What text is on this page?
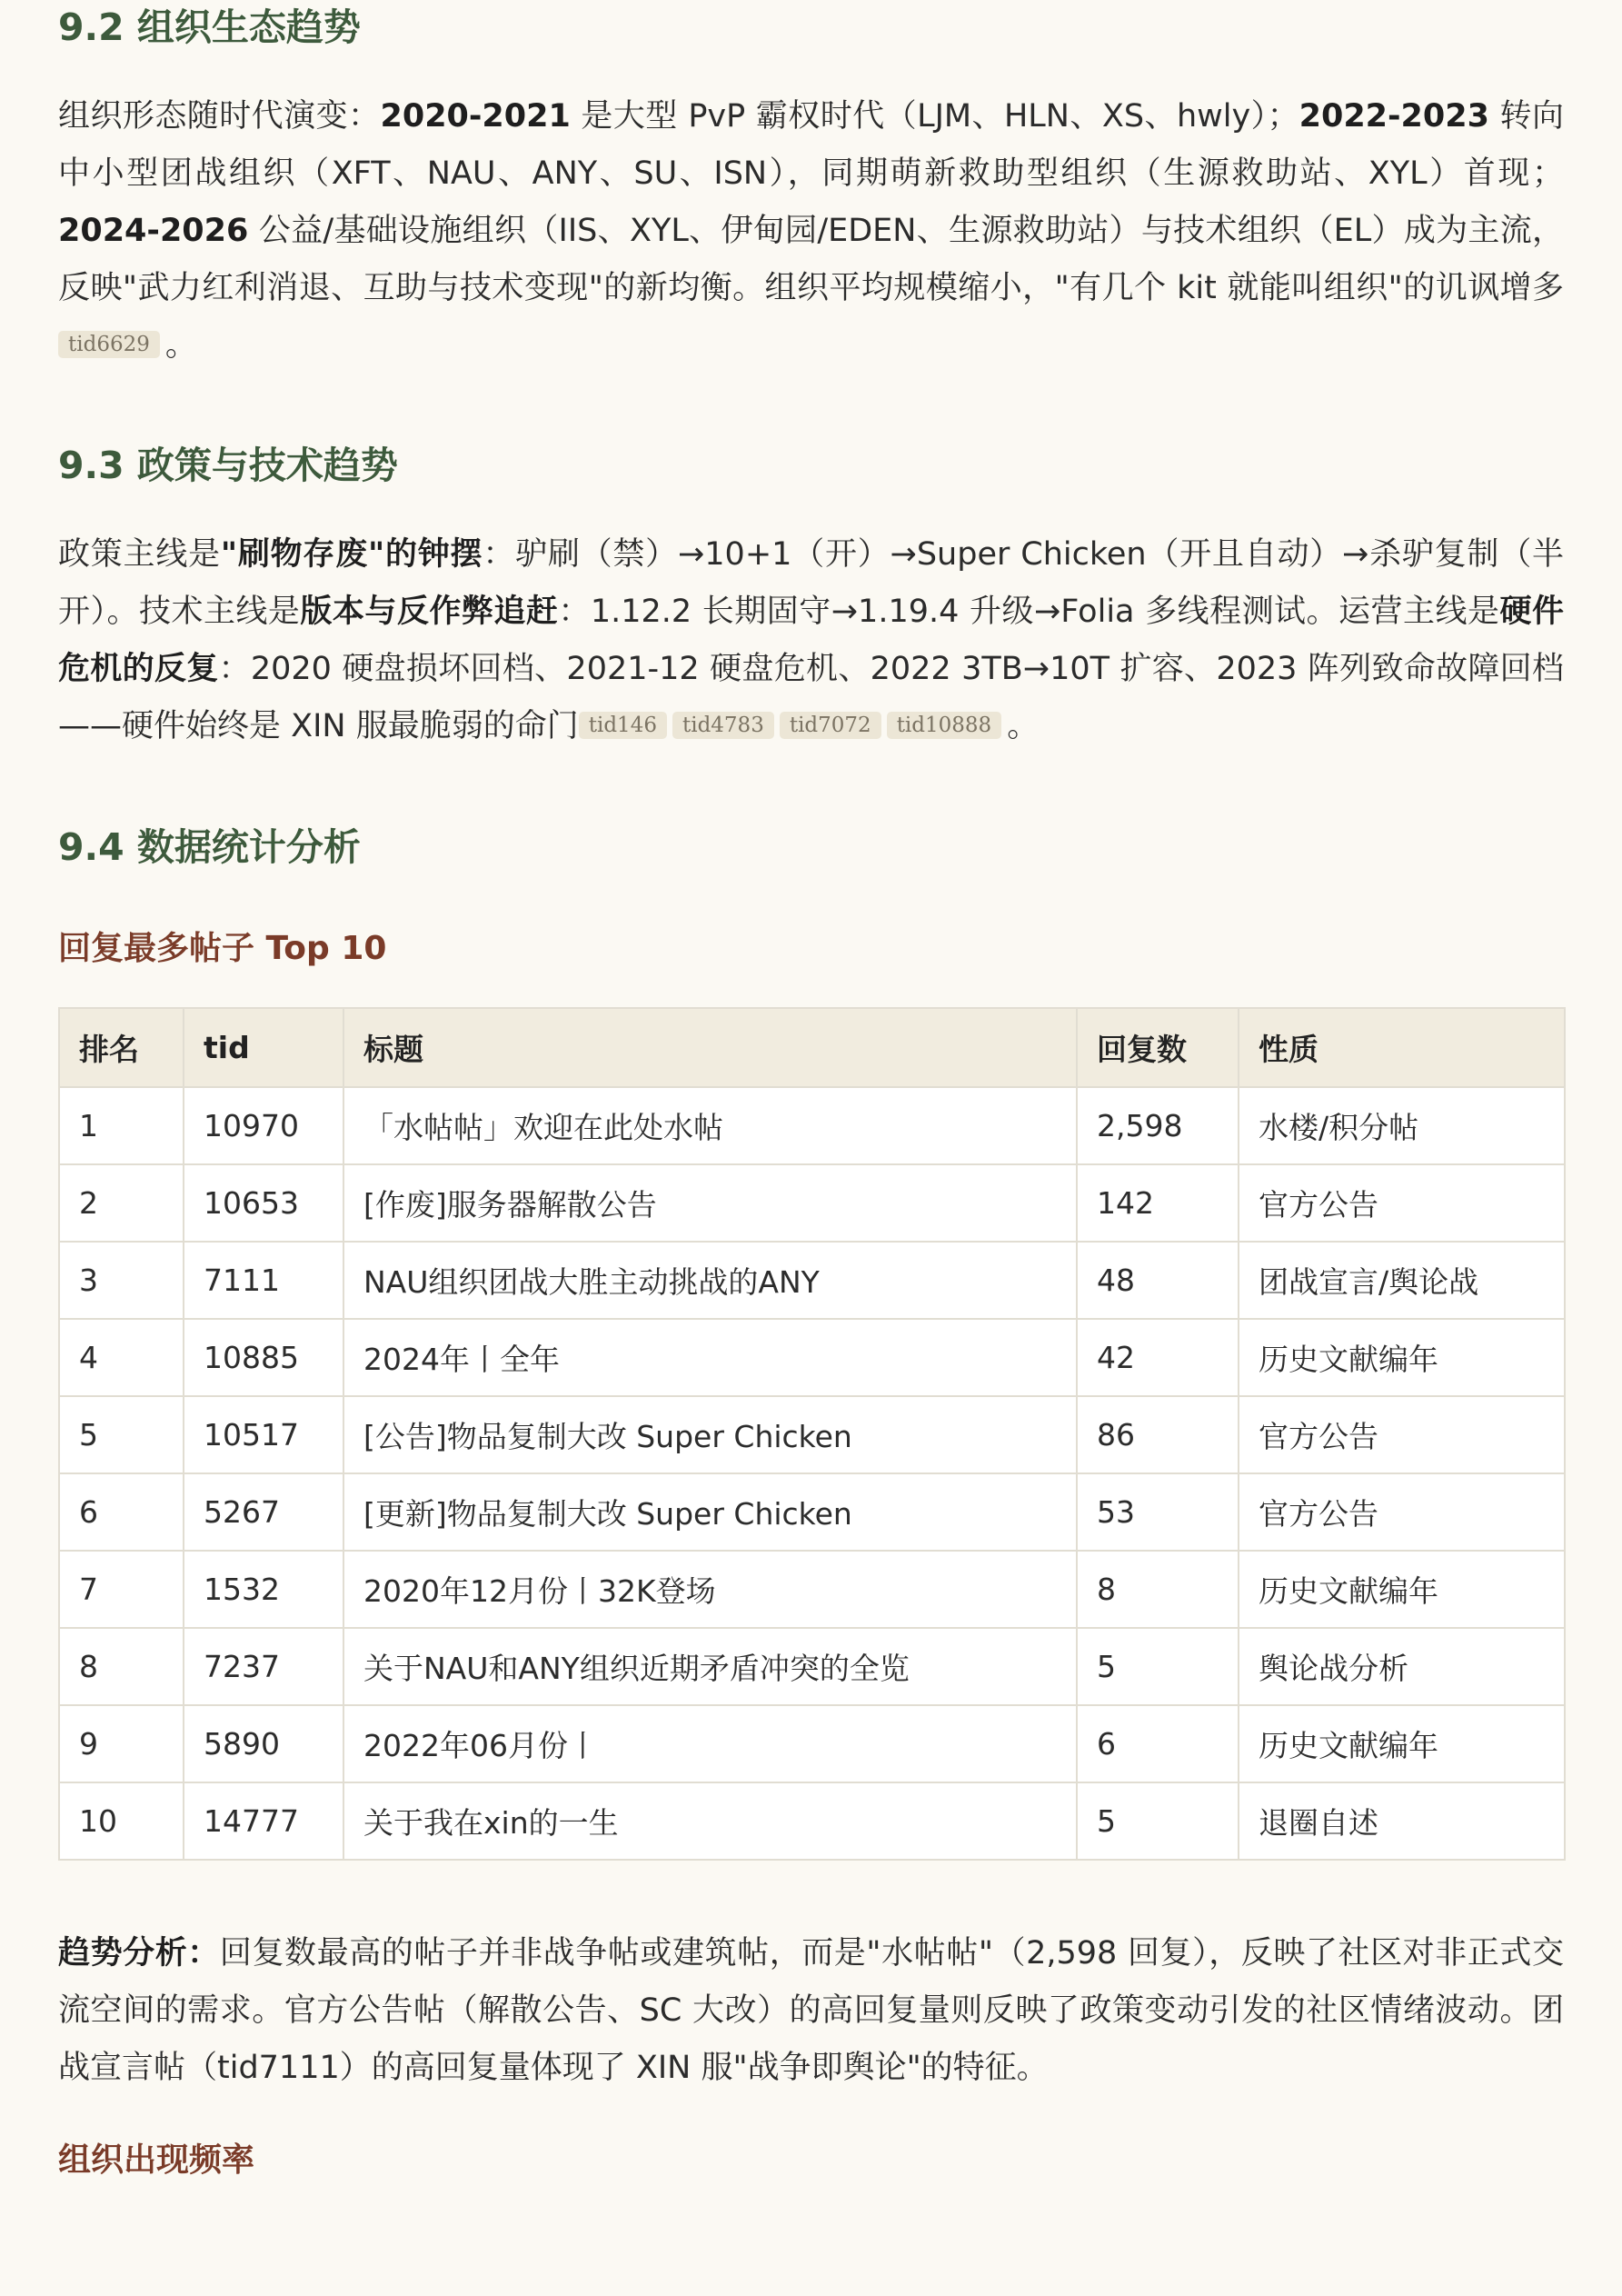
9.2 组织生态趋势

组织形态随时代演变：2020-2021 是大型 PvP 霸权时代（LJM、HLN、XS、hwly）；2022-2023 转向中小型团战组织（XFT、NAU、ANY、SU、ISN），同期萌新救助型组织（生源救助站、XYL）首现；2024-2026 公益/基础设施组织（IIS、XYL、伊甸园/EDEN、生源救助站）与技术组织（EL）成为主流，反映"武力红利消退、互助与技术变现"的新均衡。组织平均规模缩小，"有几个 kit 就能叫组织"的讥讽增多 tid6629 。

9.3 政策与技术趋势

政策主线是"刷物存废"的钟摆：驴刷（禁）→10+1（开）→Super Chicken（开且自动）→杀驴复制（半开）。技术主线是版本与反作弊追赶：1.12.2 长期固守→1.19.4 升级→Folia 多线程测试。运营主线是硬件危机的反复：2020 硬盘损坏回档、2021-12 硬盘危机、2022 3TB→10T 扩容、2023 阵列致命故障回档——硬件始终是 XIN 服最脆弱的命门 tid146 tid4783 tid7072 tid10888 。

9.4 数据统计分析
回复最多帖子 Top 10
排名	tid	标题	回复数	性质
1	10970	「水帖帖」欢迎在此处水帖	2,598	水楼/积分帖
2	10653	[作废]服务器解散公告	142	官方公告
3	7111	NAU组织团战大胜主动挑战的ANY	48	团战宣言/舆论战
4	10885	2024年丨全年	42	历史文献编年
5	10517	[公告]物品复制大改 Super Chicken	86	官方公告
6	5267	[更新]物品复制大改 Super Chicken	53	官方公告
7	1532	2020年12月份丨32K登场	8	历史文献编年
8	7237	关于NAU和ANY组织近期矛盾冲突的全览	5	舆论战分析
9	5890	2022年06月份丨	6	历史文献编年
10	14777	关于我在xin的一生	5	退圈自述

趋势分析：回复数最高的帖子并非战争帖或建筑帖，而是"水帖帖"（2,598 回复），反映了社区对非正式交流空间的需求。官方公告帖（解散公告、SC 大改）的高回复量则反映了政策变动引发的社区情绪波动。团战宣言帖（tid7111）的高回复量体现了 XIN 服"战争即舆论"的特征。

组织出现频率
